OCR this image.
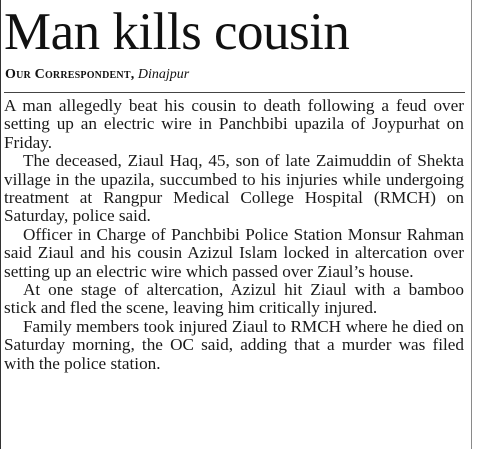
Man kills cousin
Our Correspondent, Dinajpur

A man allegedly beat his cousin to death following a feud over setting up an electric wire in Panchbibi upazila of Joypurhat on Friday.

The deceased, Ziaul Haq, 45, son of late Zaimuddin of Shekta village in the upazila, succumbed to his injuries while undergoing treatment at Rangpur Medical College Hospital (RMCH) on Saturday, police said.

Officer in Charge of Panchbibi Police Station Monsur Rahman said Ziaul and his cousin Azizul Islam locked in altercation over setting up an electric wire which passed over Ziaul’s house.

At one stage of altercation, Azizul hit Ziaul with a bamboo stick and fled the scene, leaving him critically injured.

Family members took injured Ziaul to RMCH where he died on Saturday morning, the OC said, adding that a murder was filed with the police station.
